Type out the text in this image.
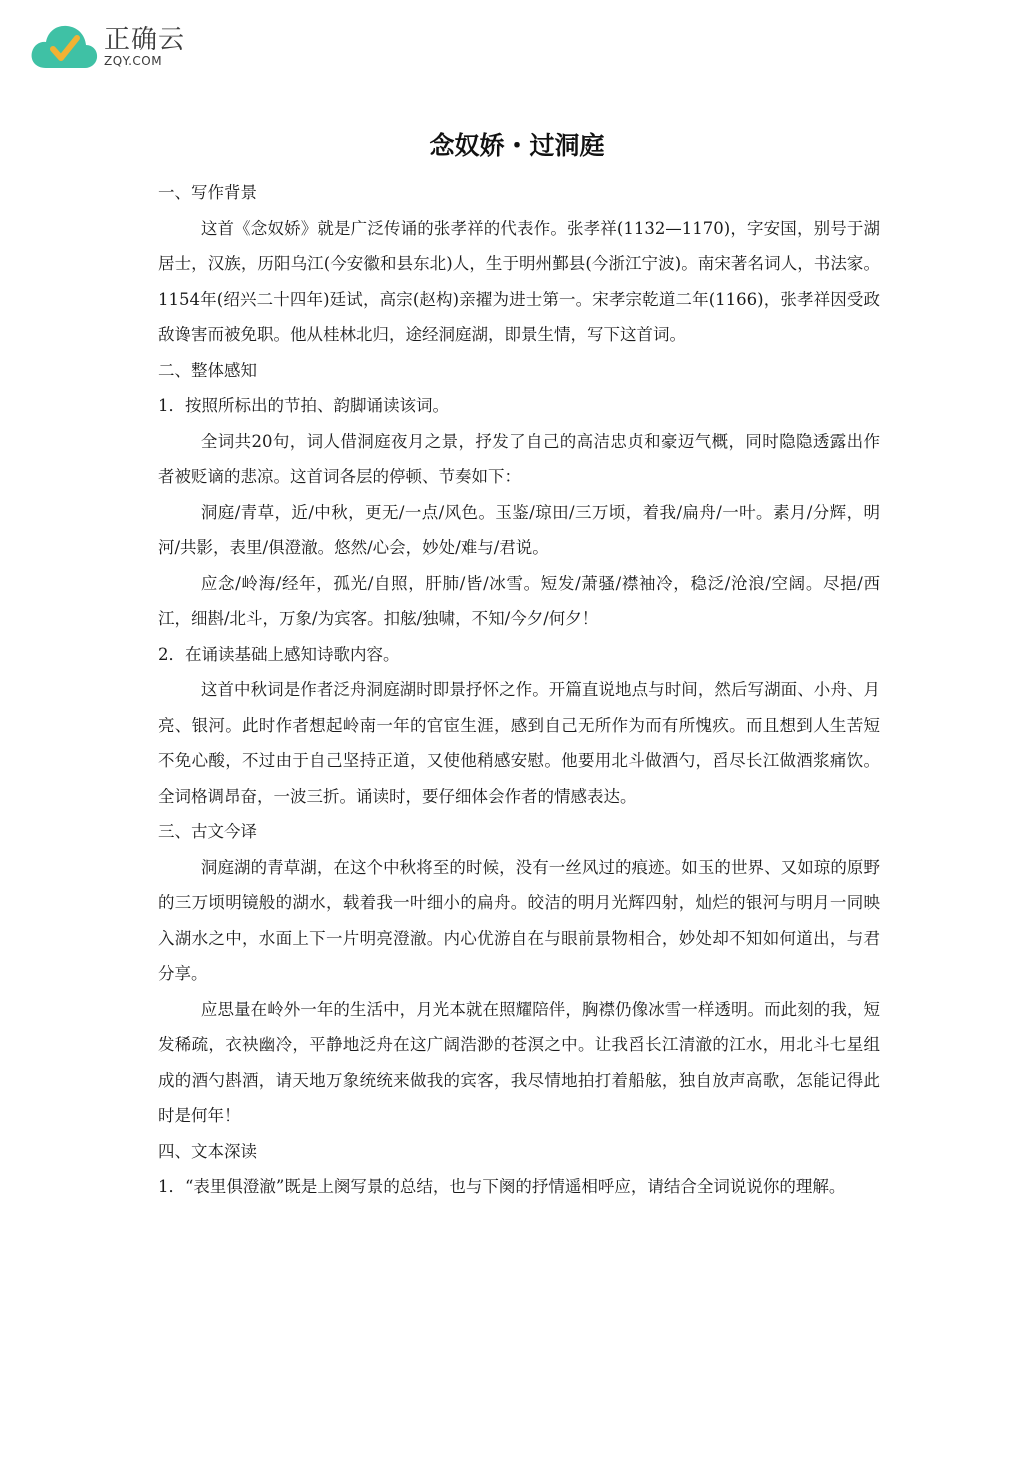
正确云
ZQY.COM
念奴娇・过洞庭

一、写作背景

这首《念奴娇》就是广泛传诵的张孝祥的代表作。张孝祥(1132—1170)，字安国，别号于湖居士，汉族，历阳乌江(今安徽和县东北)人，生于明州鄞县(今浙江宁波)。南宋著名词人，书法家。1154年(绍兴二十四年)廷试，高宗(赵构)亲擢为进士第一。宋孝宗乾道二年(1166)，张孝祥因受政敌谗害而被免职。他从桂林北归，途经洞庭湖，即景生情，写下这首词。

二、整体感知

1．按照所标出的节拍、韵脚诵读该词。

全词共20句，词人借洞庭夜月之景，抒发了自己的高洁忠贞和豪迈气概，同时隐隐透露出作者被贬谪的悲凉。这首词各层的停顿、节奏如下：

洞庭/青草，近/中秋，更无/一点/风色。玉鉴/琼田/三万顷，着我/扁舟/一叶。素月/分辉，明河/共影，表里/俱澄澈。悠然/心会，妙处/难与/君说。

应念/岭海/经年，孤光/自照，肝肺/皆/冰雪。短发/萧骚/襟袖冷，稳泛/沧浪/空阔。尽挹/西江，细斟/北斗，万象/为宾客。扣舷/独啸，不知/今夕/何夕！

2．在诵读基础上感知诗歌内容。

这首中秋词是作者泛舟洞庭湖时即景抒怀之作。开篇直说地点与时间，然后写湖面、小舟、月亮、银河。此时作者想起岭南一年的官宦生涯，感到自己无所作为而有所愧疚。而且想到人生苦短不免心酸，不过由于自己坚持正道，又使他稍感安慰。他要用北斗做酒勺，舀尽长江做酒浆痛饮。全词格调昂奋，一波三折。诵读时，要仔细体会作者的情感表达。

三、古文今译

洞庭湖的青草湖，在这个中秋将至的时候，没有一丝风过的痕迹。如玉的世界、又如琼的原野的三万顷明镜般的湖水，载着我一叶细小的扁舟。皎洁的明月光辉四射，灿烂的银河与明月一同映入湖水之中，水面上下一片明亮澄澈。内心优游自在与眼前景物相合，妙处却不知如何道出，与君分享。

应思量在岭外一年的生活中，月光本就在照耀陪伴，胸襟仍像冰雪一样透明。而此刻的我，短发稀疏，衣袂幽冷，平静地泛舟在这广阔浩渺的苍溟之中。让我舀长江清澈的江水，用北斗七星组成的酒勺斟酒，请天地万象统统来做我的宾客，我尽情地拍打着船舷，独自放声高歌，怎能记得此时是何年！

四、文本深读

1．“表里俱澄澈”既是上阕写景的总结，也与下阕的抒情遥相呼应，请结合全词说说你的理解。
